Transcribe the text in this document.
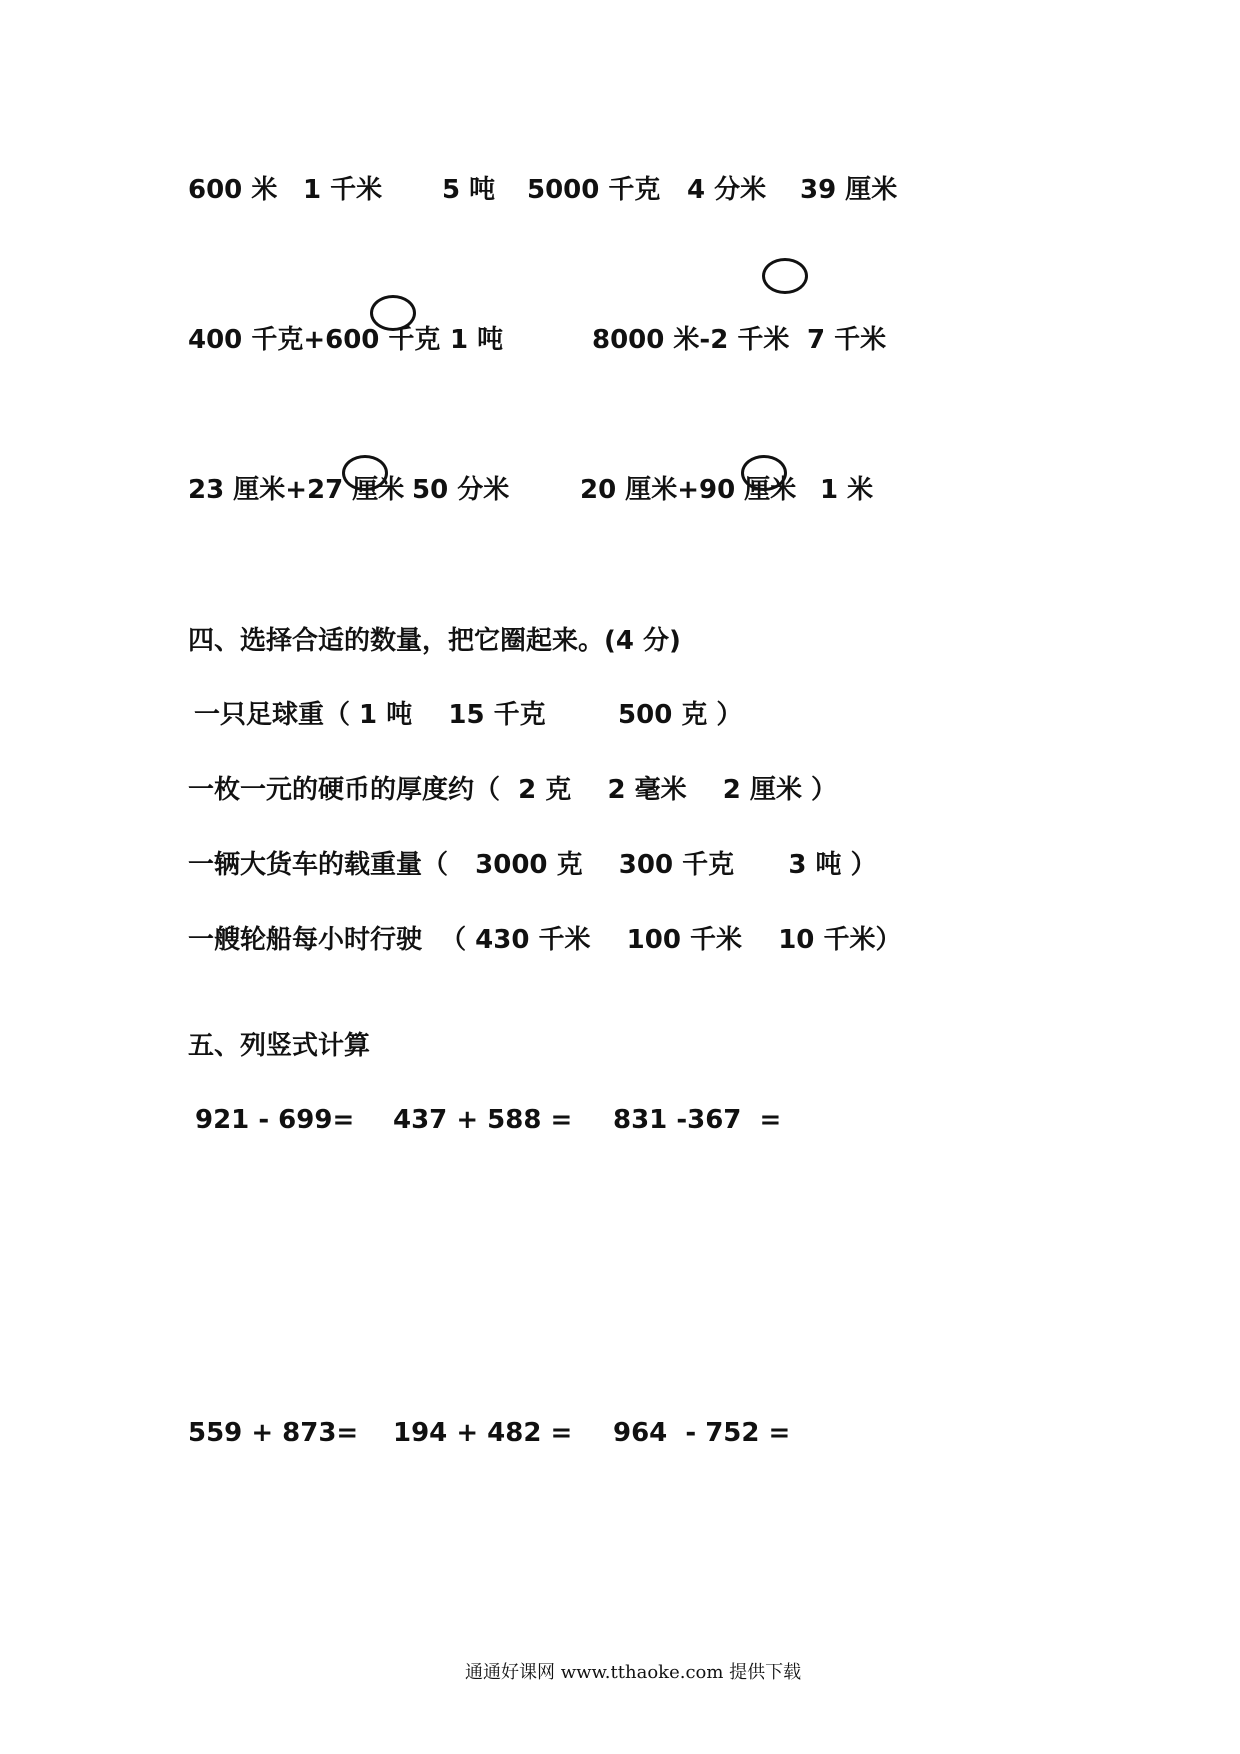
600 米 1 千米 5 吨 5000 千克 4 分米 39 厘米
400 千克+600 千克 1 吨	8000 米-2 千米 7 千米
23 厘米+27 厘米 50 分米	20 厘米+90 厘米 1 米
四、选择合适的数量，把它圈起来。(4 分)
一只足球重（ 1 吨    15 千克        500 克 ）
一枚一元的硬币的厚度约（  2 克    2 毫米    2 厘米 ）
一辆大货车的载重量（   3000 克    300 千克      3 吨 ）
一艘轮船每小时行驶  （ 430 千米    100 千米    10 千米）
五、列竖式计算
921 - 699= 437 + 588 = 831 -367  =
559 + 873= 194 + 482 = 964  - 752 =
通通好课网 www.tthaoke.com 提供下载
